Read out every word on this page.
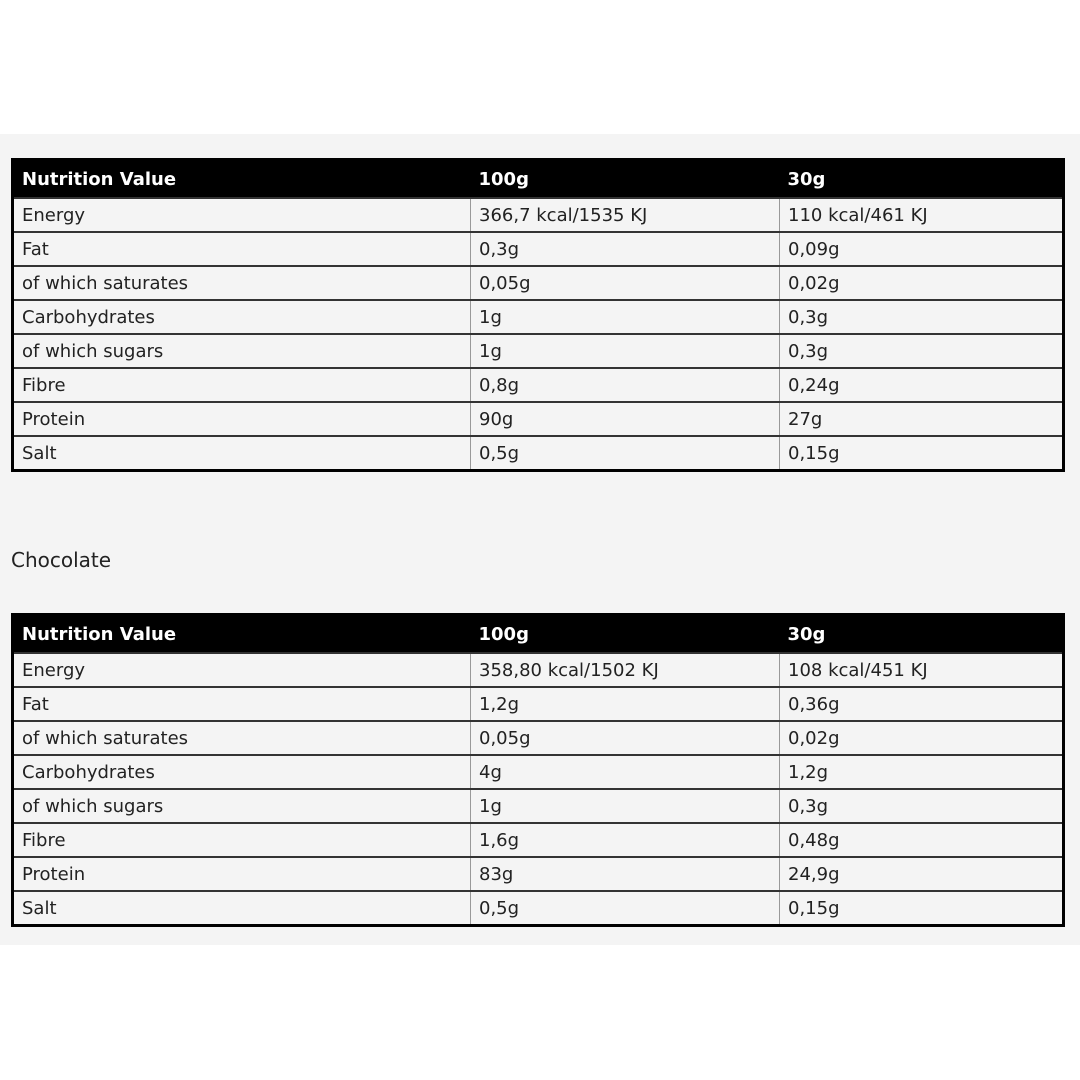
Nutrition Value	100g	30g
Energy	366,7 kcal/1535 KJ	110 kcal/461 KJ
Fat	0,3g	0,09g
of which saturates	0,05g	0,02g
Carbohydrates	1g	0,3g
of which sugars	1g	0,3g
Fibre	0,8g	0,24g
Protein	90g	27g
Salt	0,5g	0,15g
Chocolate
Nutrition Value	100g	30g
Energy	358,80 kcal/1502 KJ	108 kcal/451 KJ
Fat	1,2g	0,36g
of which saturates	0,05g	0,02g
Carbohydrates	4g	1,2g
of which sugars	1g	0,3g
Fibre	1,6g	0,48g
Protein	83g	24,9g
Salt	0,5g	0,15g
